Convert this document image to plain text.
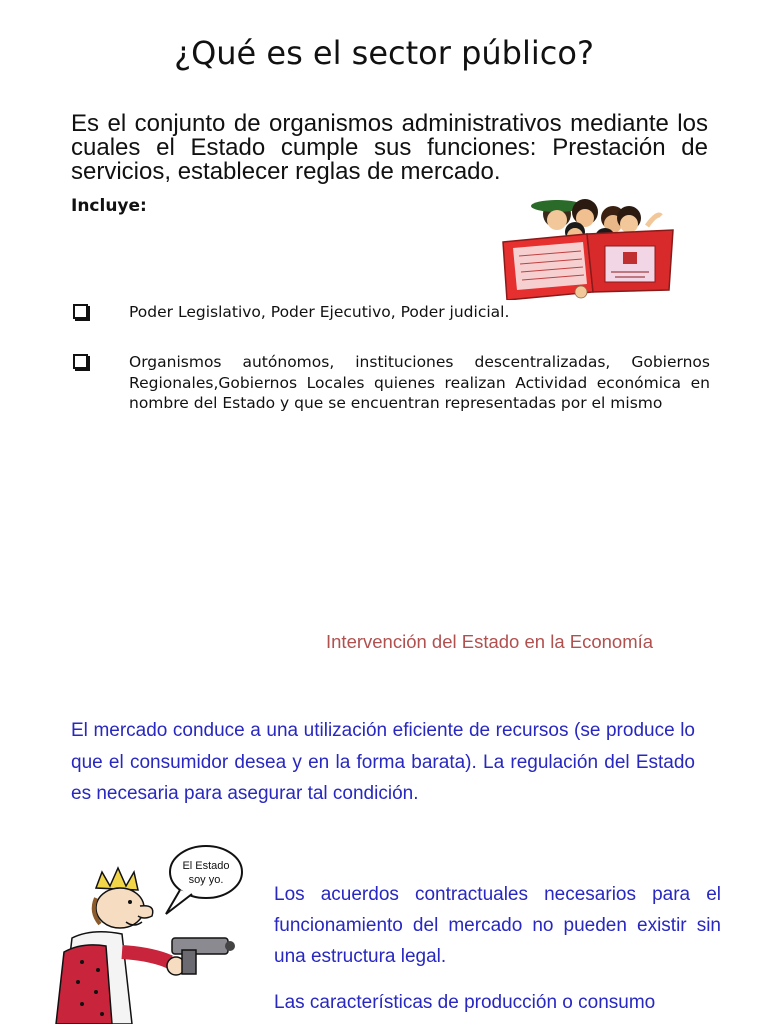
¿Qué es el sector público?
Es el conjunto de organismos administrativos mediante los cuales el Estado cumple sus funciones: Prestación de servicios, establecer reglas de mercado.
Incluye:
Poder Legislativo, Poder Ejecutivo, Poder judicial.
Organismos autónomos, instituciones descentralizadas, Gobiernos Regionales,Gobiernos Locales quienes realizan Actividad económica en nombre del Estado y que se encuentran representadas por el mismo
Intervención del Estado en la Economía
El mercado conduce a una utilización eficiente de recursos (se produce lo que el consumidor desea y en la forma barata). La regulación del Estado es necesaria para asegurar tal condición.
El Estado
soy yo.
Los acuerdos contractuales necesarios para el funcionamiento del mercado no pueden existir sin una estructura legal.
Las características de producción o consumo
